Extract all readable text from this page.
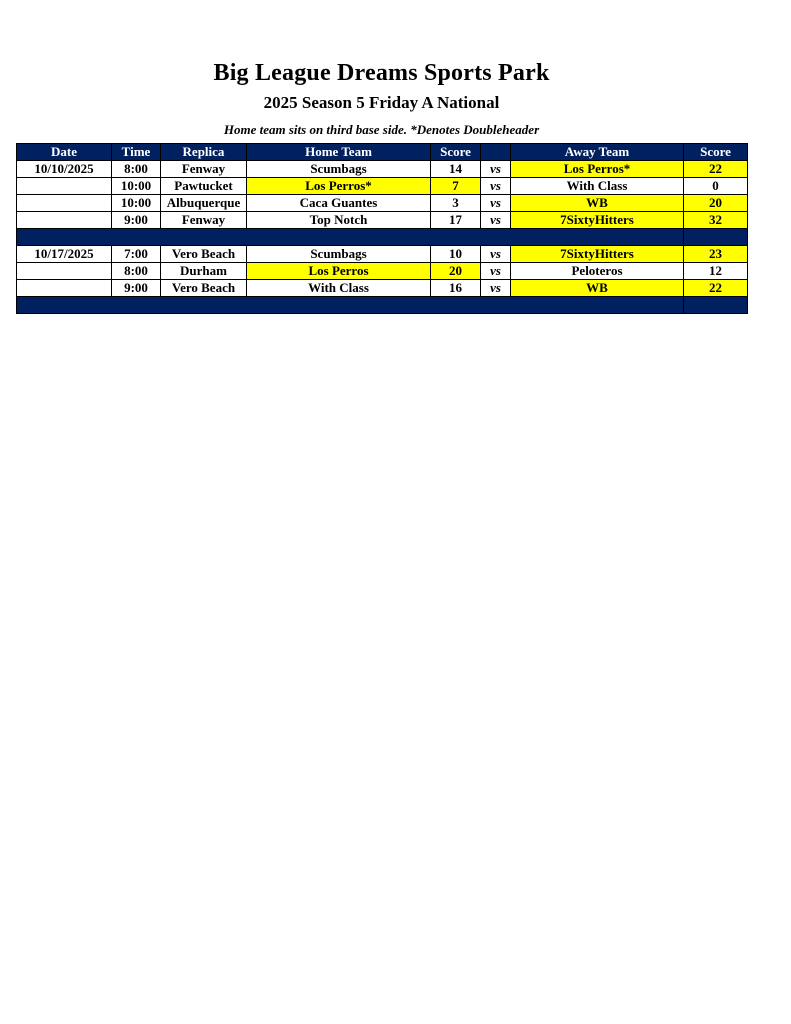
Big League Dreams Sports Park
2025 Season 5 Friday A National
Home team sits on third base side. *Denotes Doubleheader
Date	Time	Replica	Home Team	Score		Away Team	Score
10/10/2025	8:00	Fenway	Scumbags	14	vs	Los Perros*	22
	10:00	Pawtucket	Los Perros*	7	vs	With Class	0
	10:00	Albuquerque	Caca Guantes	3	vs	WB	20
	9:00	Fenway	Top Notch	17	vs	7SixtyHitters	32

10/17/2025	7:00	Vero Beach	Scumbags	10	vs	7SixtyHitters	23
	8:00	Durham	Los Perros	20	vs	Peloteros	12
	9:00	Vero Beach	With Class	16	vs	WB	22
